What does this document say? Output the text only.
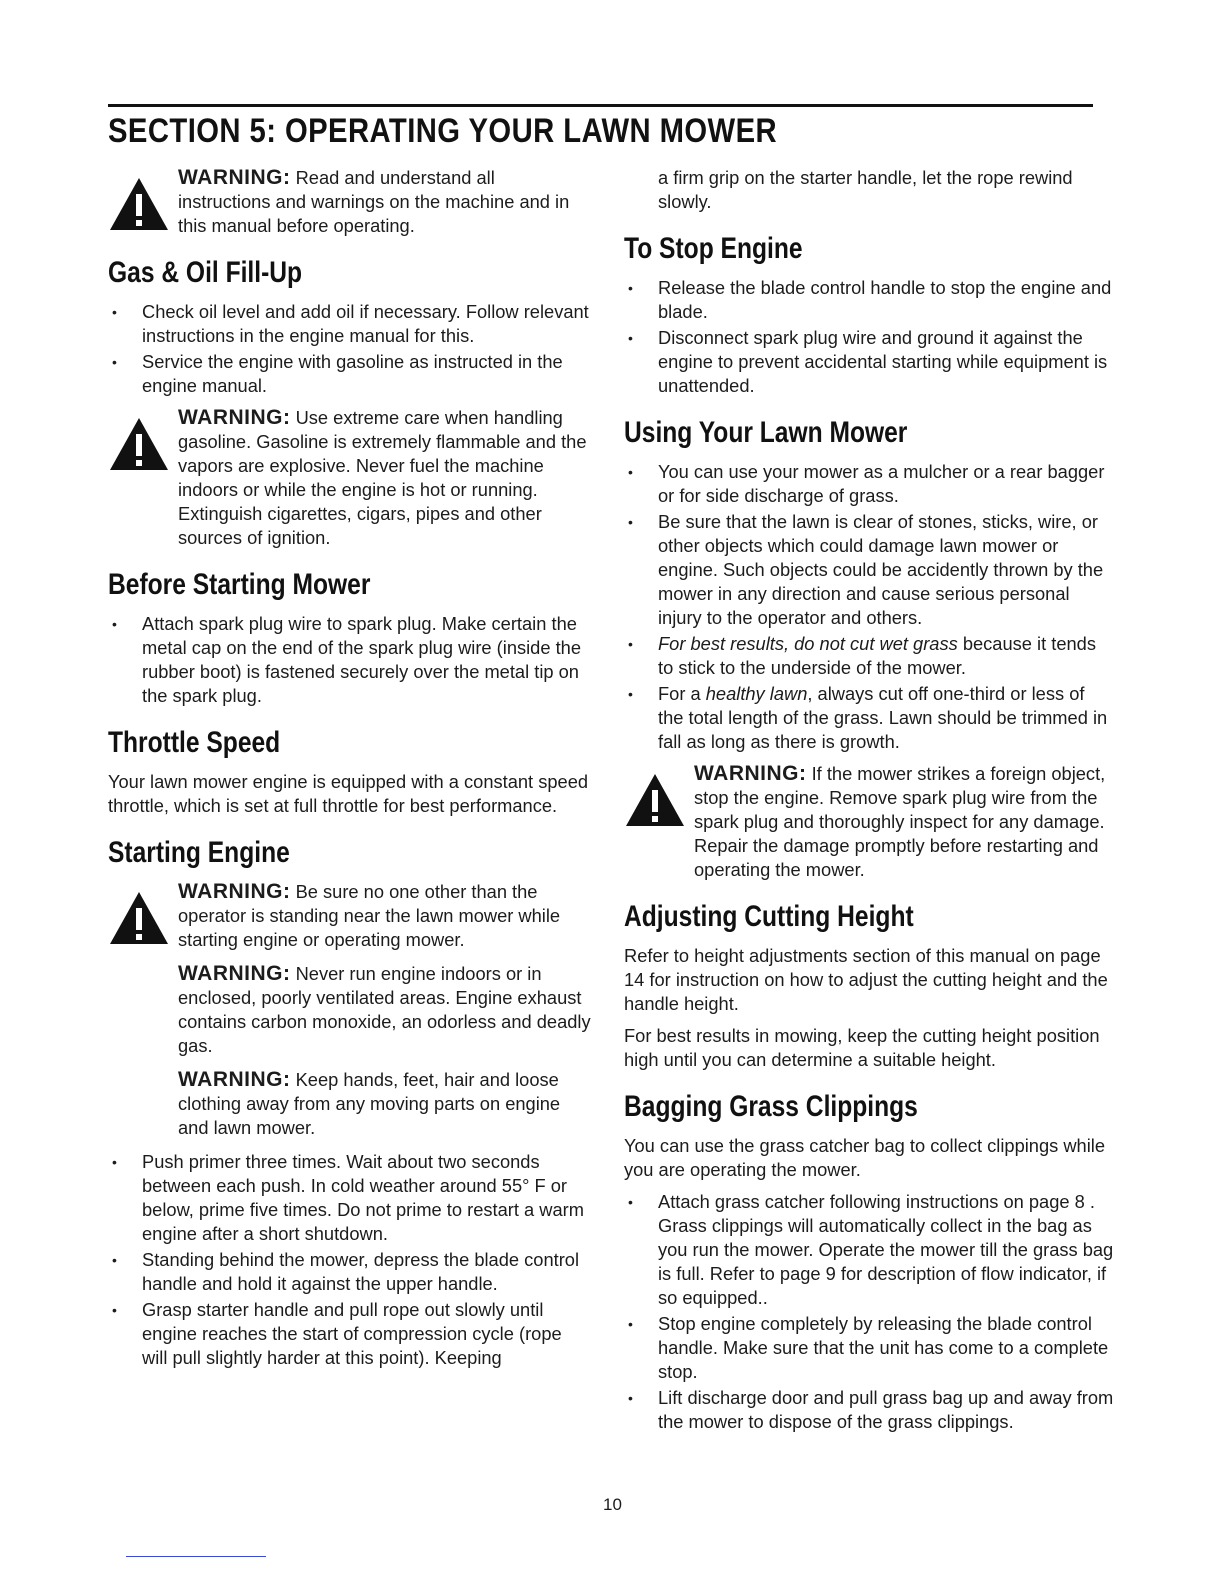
SECTION 5: OPERATING YOUR LAWN MOWER
WARNING: Read and understand all instructions and warnings on the machine and in this manual before operating.
Gas & Oil Fill-Up
• Check oil level and add oil if necessary. Follow relevant instructions in the engine manual for this.
• Service the engine with gasoline as instructed in the engine manual.
WARNING: Use extreme care when handling gasoline. Gasoline is extremely flammable and the vapors are explosive. Never fuel the machine indoors or while the engine is hot or running. Extinguish cigarettes, cigars, pipes and other sources of ignition.
Before Starting Mower
• Attach spark plug wire to spark plug. Make certain the metal cap on the end of the spark plug wire (inside the rubber boot) is fastened securely over the metal tip on the spark plug.
Throttle Speed

Your lawn mower engine is equipped with a constant speed throttle, which is set at full throttle for best performance.

Starting Engine
WARNING: Be sure no one other than the operator is standing near the lawn mower while starting engine or operating mower.
WARNING: Never run engine indoors or in enclosed, poorly ventilated areas. Engine exhaust contains carbon monoxide, an odorless and deadly gas.
WARNING: Keep hands, feet, hair and loose clothing away from any moving parts on engine and lawn mower.
• Push primer three times. Wait about two seconds between each push. In cold weather around 55° F or below, prime five times. Do not prime to restart a warm engine after a short shutdown.
• Standing behind the mower, depress the blade control handle and hold it against the upper handle.
• Grasp starter handle and pull rope out slowly until engine reaches the start of compression cycle (rope will pull slightly harder at this point). Keeping

a firm grip on the starter handle, let the rope rewind slowly.

To Stop Engine
• Release the blade control handle to stop the engine and blade.
• Disconnect spark plug wire and ground it against the engine to prevent accidental starting while equipment is unattended.
Using Your Lawn Mower
• You can use your mower as a mulcher or a rear bagger or for side discharge of grass.
• Be sure that the lawn is clear of stones, sticks, wire, or other objects which could damage lawn mower or engine. Such objects could be accidently thrown by the mower in any direction and cause serious personal injury to the operator and others.
• For best results, do not cut wet grass because it tends to stick to the underside of the mower.
• For a healthy lawn, always cut off one-third or less of the total length of the grass. Lawn should be trimmed in fall as long as there is growth.
WARNING: If the mower strikes a foreign object, stop the engine. Remove spark plug wire from the spark plug and thoroughly inspect for any damage. Repair the damage promptly before restarting and operating the mower.
Adjusting Cutting Height

Refer to height adjustments section of this manual on page 14 for instruction on how to adjust the cutting height and the handle height.

For best results in mowing, keep the cutting height position high until you can determine a suitable height.

Bagging Grass Clippings

You can use the grass catcher bag to collect clippings while you are operating the mower.

• Attach grass catcher following instructions on page 8 . Grass clippings will automatically collect in the bag as you run the mower. Operate the mower till the grass bag is full. Refer to page 9 for description of flow indicator, if so equipped..
• Stop engine completely by releasing the blade control handle. Make sure that the unit has come to a complete stop.
• Lift discharge door and pull grass bag up and away from the mower to dispose of the grass clippings.
10
